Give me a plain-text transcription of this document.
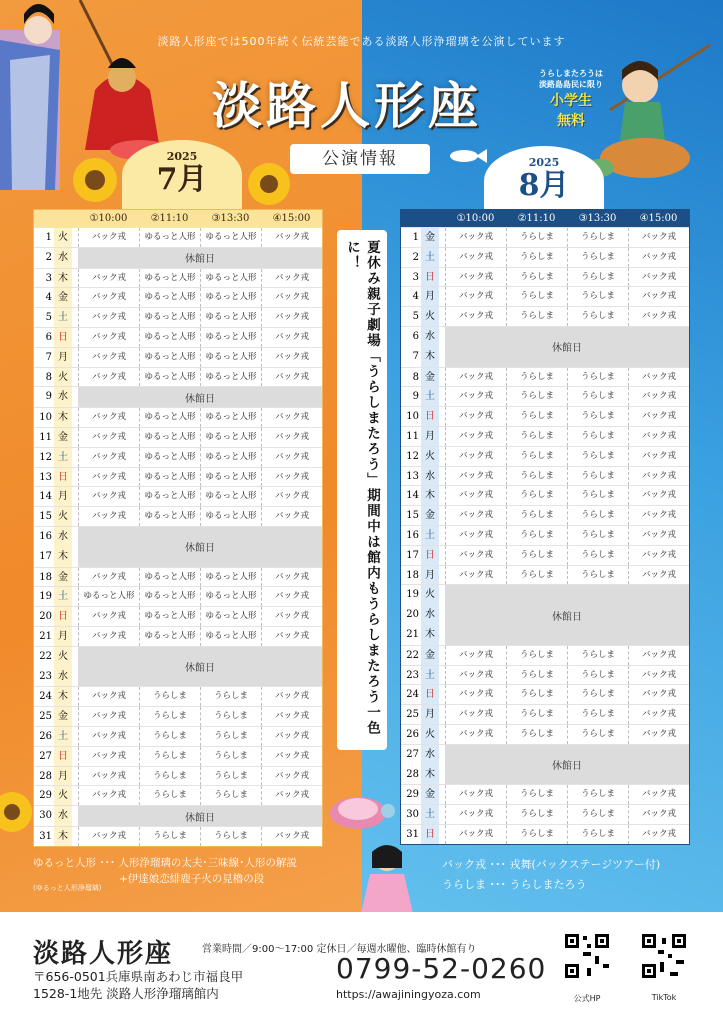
淡路人形座では500年続く伝統芸能である淡路人形浄瑠璃を公演しています
淡路人形座
公演情報
うらしまたろうは
淡路島島民に限り
小学生
無料
2025
7月	2025
8月
①10:00	②11:10	③13:30	④15:00
1 火	バック戎	ゆるっと人形	ゆるっと人形	バック戎
2 水	休館日
3 木	バック戎	ゆるっと人形	ゆるっと人形	バック戎
4 金	バック戎	ゆるっと人形	ゆるっと人形	バック戎
5 土	バック戎	ゆるっと人形	ゆるっと人形	バック戎
6 日	バック戎	ゆるっと人形	ゆるっと人形	バック戎
7 月	バック戎	ゆるっと人形	ゆるっと人形	バック戎
8 火	バック戎	ゆるっと人形	ゆるっと人形	バック戎
9 水	休館日
10 木	バック戎	ゆるっと人形	ゆるっと人形	バック戎
11 金	バック戎	ゆるっと人形	ゆるっと人形	バック戎
12 土	バック戎	ゆるっと人形	ゆるっと人形	バック戎
13 日	バック戎	ゆるっと人形	ゆるっと人形	バック戎
14 月	バック戎	ゆるっと人形	ゆるっと人形	バック戎
15 火	バック戎	ゆるっと人形	ゆるっと人形	バック戎
16 水
17 木
休館日
18 金	バック戎	ゆるっと人形	ゆるっと人形	バック戎
19 土	ゆるっと人形	ゆるっと人形	ゆるっと人形	バック戎
20 日	バック戎	ゆるっと人形	ゆるっと人形	バック戎
21 月	バック戎	ゆるっと人形	ゆるっと人形	バック戎
22 火
23 水
休館日
24 木	バック戎	うらしま	うらしま	バック戎
25 金	バック戎	うらしま	うらしま	バック戎
26 土	バック戎	うらしま	うらしま	バック戎
27 日	バック戎	うらしま	うらしま	バック戎
28 月	バック戎	うらしま	うらしま	バック戎
29 火	バック戎	うらしま	うらしま	バック戎
30 水	休館日
31 木	バック戎	うらしま	うらしま	バック戎
①10:00	②11:10	③13:30	④15:00
1 金	バック戎	うらしま	うらしま	バック戎
2 土	バック戎	うらしま	うらしま	バック戎
3 日	バック戎	うらしま	うらしま	バック戎
4 月	バック戎	うらしま	うらしま	バック戎
5 火	バック戎	うらしま	うらしま	バック戎
6 水
7 木
休館日
8 金	バック戎	うらしま	うらしま	バック戎
9 土	バック戎	うらしま	うらしま	バック戎
10 日	バック戎	うらしま	うらしま	バック戎
11 月	バック戎	うらしま	うらしま	バック戎
12 火	バック戎	うらしま	うらしま	バック戎
13 水	バック戎	うらしま	うらしま	バック戎
14 木	バック戎	うらしま	うらしま	バック戎
15 金	バック戎	うらしま	うらしま	バック戎
16 土	バック戎	うらしま	うらしま	バック戎
17 日	バック戎	うらしま	うらしま	バック戎
18 月	バック戎	うらしま	うらしま	バック戎
19 火
20 水
21 木
休館日
22 金	バック戎	うらしま	うらしま	バック戎
23 土	バック戎	うらしま	うらしま	バック戎
24 日	バック戎	うらしま	うらしま	バック戎
25 月	バック戎	うらしま	うらしま	バック戎
26 火	バック戎	うらしま	うらしま	バック戎
27 水
28 木
休館日
29 金	バック戎	うらしま	うらしま	バック戎
30 土	バック戎	うらしま	うらしま	バック戎
31 日	バック戎	うらしま	うらしま	バック戎
夏休み親子劇場「うらしまたろう」期間中は館内もうらしまたろう一色に！
ゆるっと人形 ･･･ 人形浄瑠璃の太夫･三味線･人形の解説
+伊達娘恋緋鹿子火の見櫓の段
(ゆるっと人形浄瑠璃)
バック戎 ･･･ 戎舞(バックステージツアー付)
うらしま ･･･ うらしまたろう
淡路人形座	営業時間／9:00〜17:00 定休日／毎週水曜他、臨時休館有り
〒656-0501兵庫県南あわじ市福良甲
1528-1地先 淡路人形浄瑠璃館内
0799-52-0260
https://awajiningyoza.com	公式HP	TikTok
